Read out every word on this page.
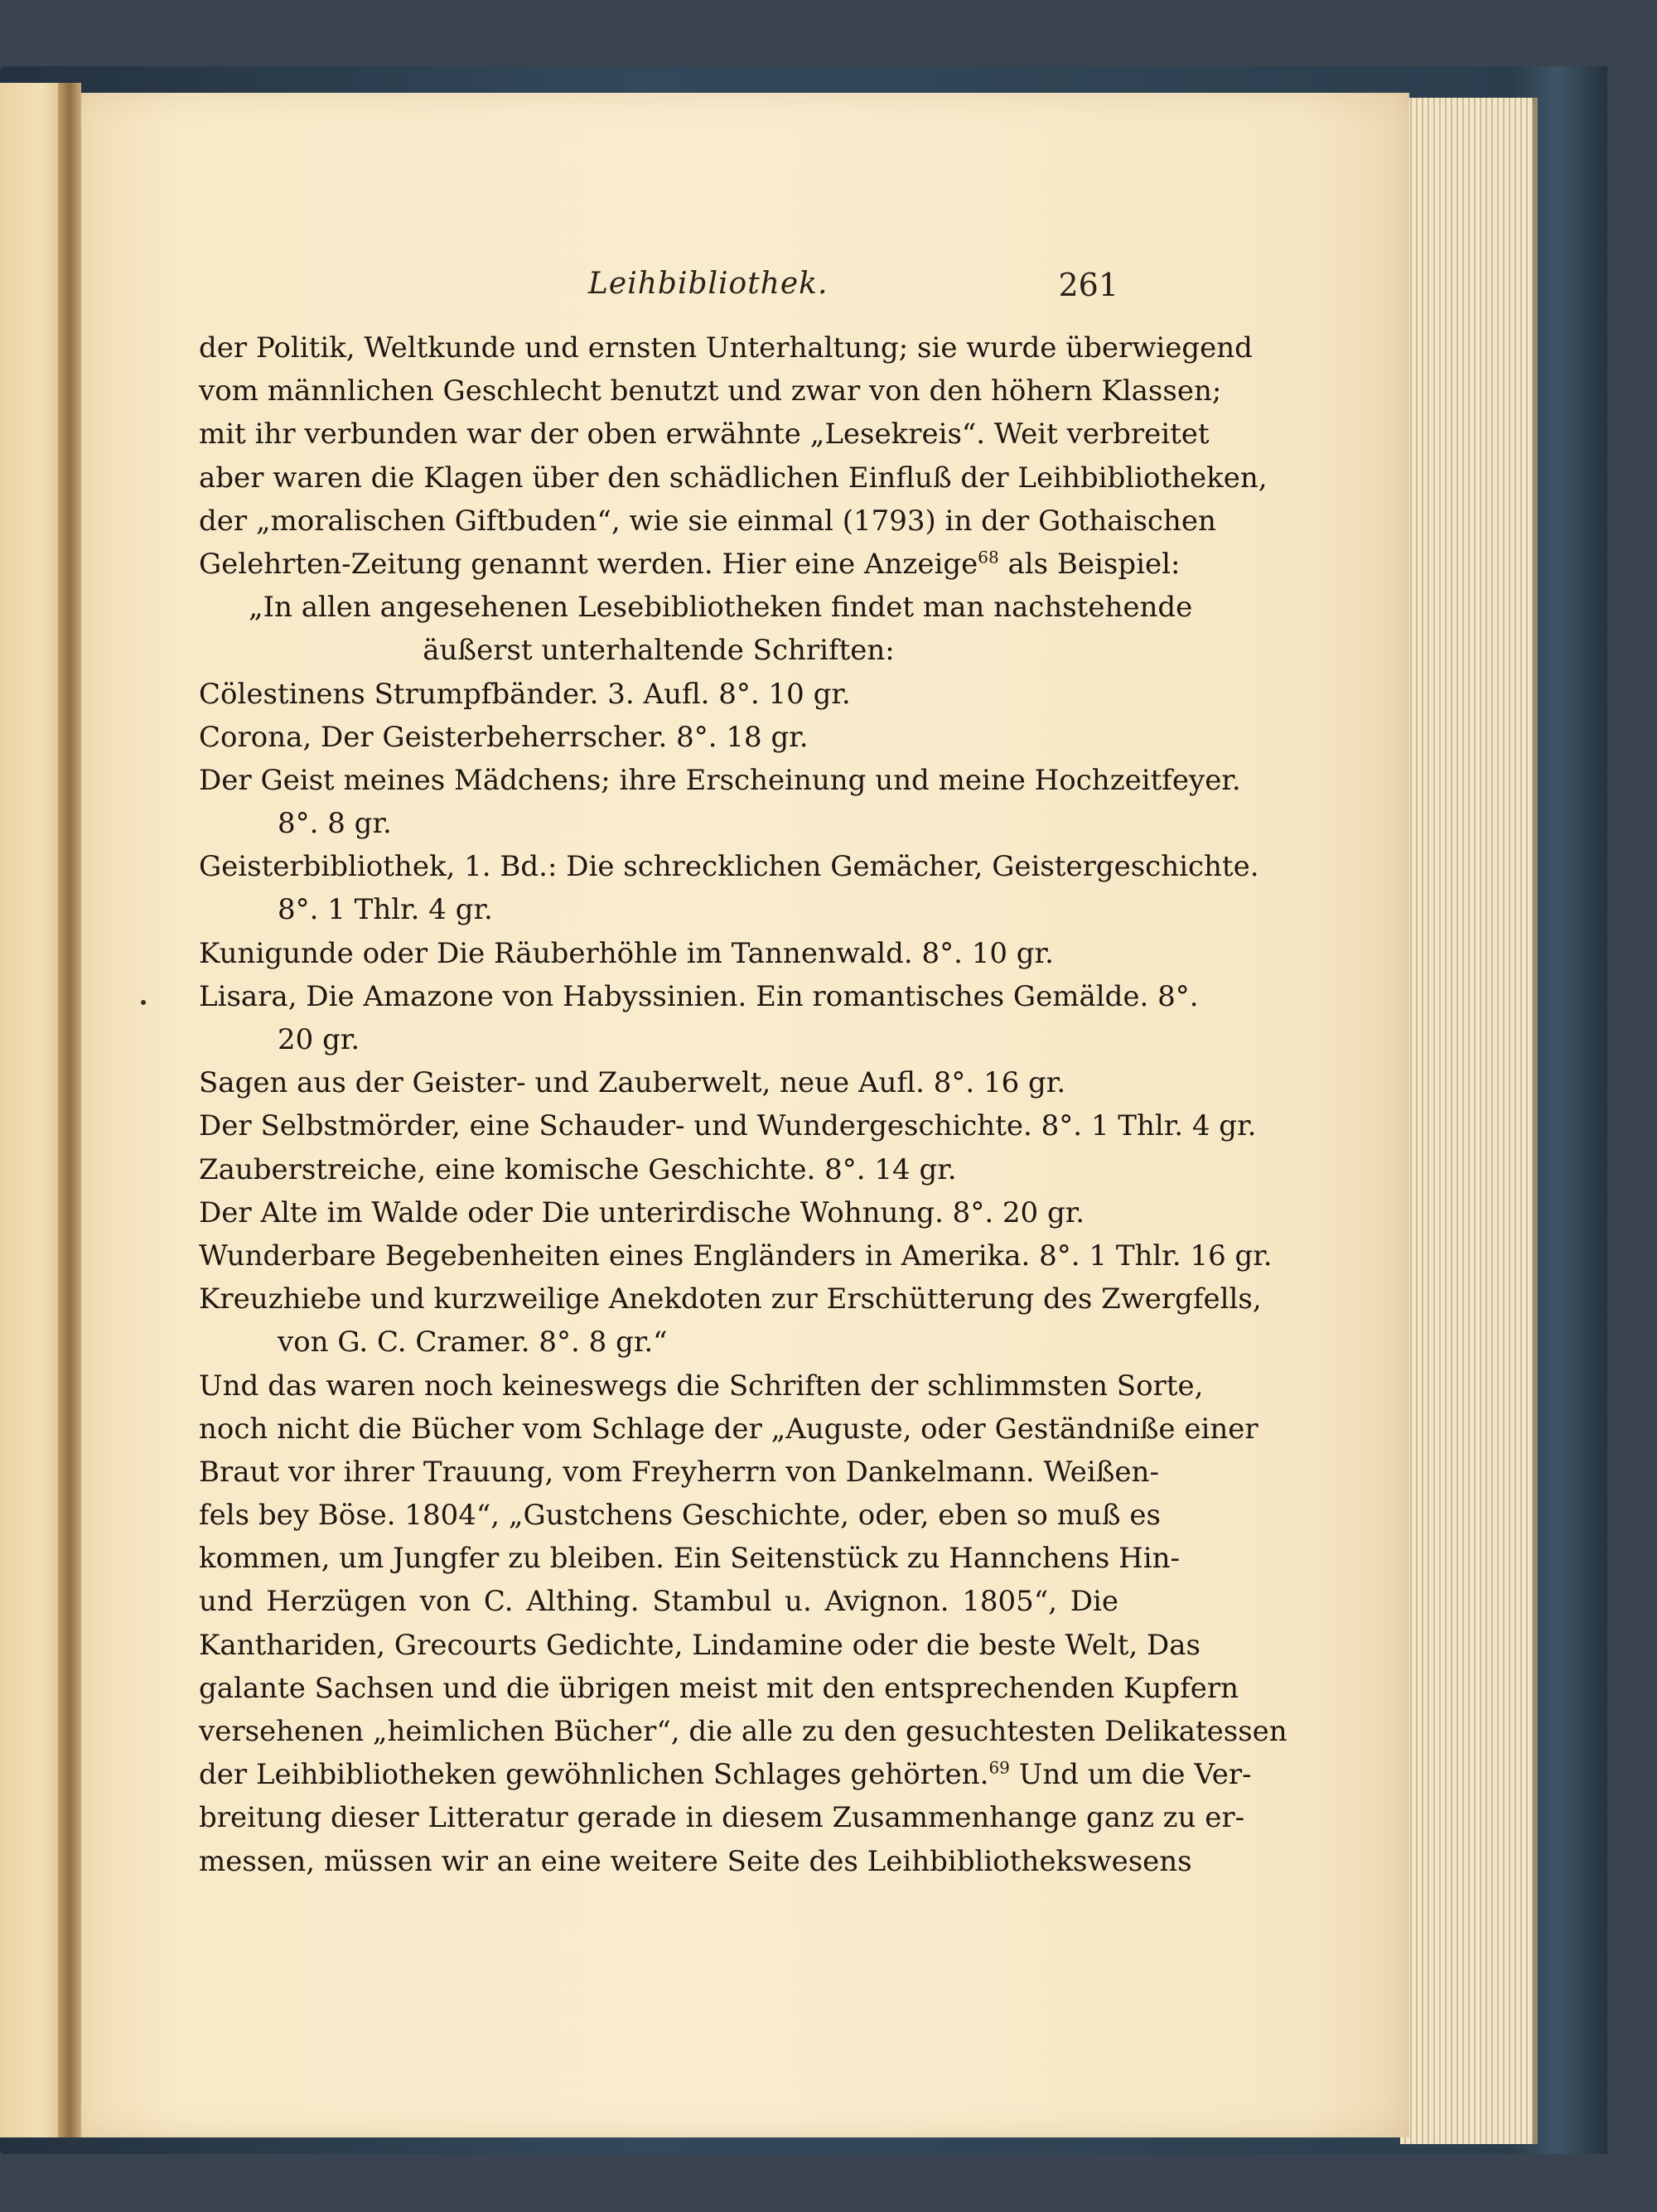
Leihbibliothek.	261
der Politik, Weltkunde und ernsten Unterhaltung; sie wurde überwiegend
vom männlichen Geschlecht benutzt und zwar von den höhern Klassen;
mit ihr verbunden war der oben erwähnte „Lesekreis“. Weit verbreitet
aber waren die Klagen über den schädlichen Einfluß der Leihbibliotheken,
der „moralischen Giftbuden“, wie sie einmal (1793) in der Gothaischen
Gelehrten-Zeitung genannt werden. Hier eine Anzeige$^{68}$ als Beispiel:
„In allen angesehenen Lesebibliotheken findet man nachstehende
äußerst unterhaltende Schriften:
Cölestinens Strumpfbänder. 3. Aufl. 8°. 10 gr.
Corona, Der Geisterbeherrscher. 8°. 18 gr.
Der Geist meines Mädchens; ihre Erscheinung und meine Hochzeitfeyer.
8°. 8 gr.
Geisterbibliothek, 1. Bd.: Die schrecklichen Gemächer, Geistergeschichte.
8°. 1 Thlr. 4 gr.
Kunigunde oder Die Räuberhöhle im Tannenwald. 8°. 10 gr.
Lisara, Die Amazone von Habyssinien. Ein romantisches Gemälde. 8°.
20 gr.
Sagen aus der Geister- und Zauberwelt, neue Aufl. 8°. 16 gr.
Der Selbstmörder, eine Schauder- und Wundergeschichte. 8°. 1 Thlr. 4 gr.
Zauberstreiche, eine komische Geschichte. 8°. 14 gr.
Der Alte im Walde oder Die unterirdische Wohnung. 8°. 20 gr.
Wunderbare Begebenheiten eines Engländers in Amerika. 8°. 1 Thlr. 16 gr.
Kreuzhiebe und kurzweilige Anekdoten zur Erschütterung des Zwergfells,
von G. C. Cramer. 8°. 8 gr.“
Und das waren noch keineswegs die Schriften der schlimmsten Sorte,
noch nicht die Bücher vom Schlage der „Auguste, oder Geständniße einer
Braut vor ihrer Trauung, vom Freyherrn von Dankelmann. Weißen-
fels bey Böse. 1804“, „Gustchens Geschichte, oder, eben so muß es
kommen, um Jungfer zu bleiben. Ein Seitenstück zu Hannchens Hin-
und Herzügen von C. Althing. Stambul u. Avignon. 1805“, Die
Kanthariden, Grecourts Gedichte, Lindamine oder die beste Welt, Das
galante Sachsen und die übrigen meist mit den entsprechenden Kupfern
versehenen „heimlichen Bücher“, die alle zu den gesuchtesten Delikatessen
der Leihbibliotheken gewöhnlichen Schlages gehörten.$^{69}$ Und um die Ver-
breitung dieser Litteratur gerade in diesem Zusammenhange ganz zu er-
messen, müssen wir an eine weitere Seite des Leihbibliothekswesens
